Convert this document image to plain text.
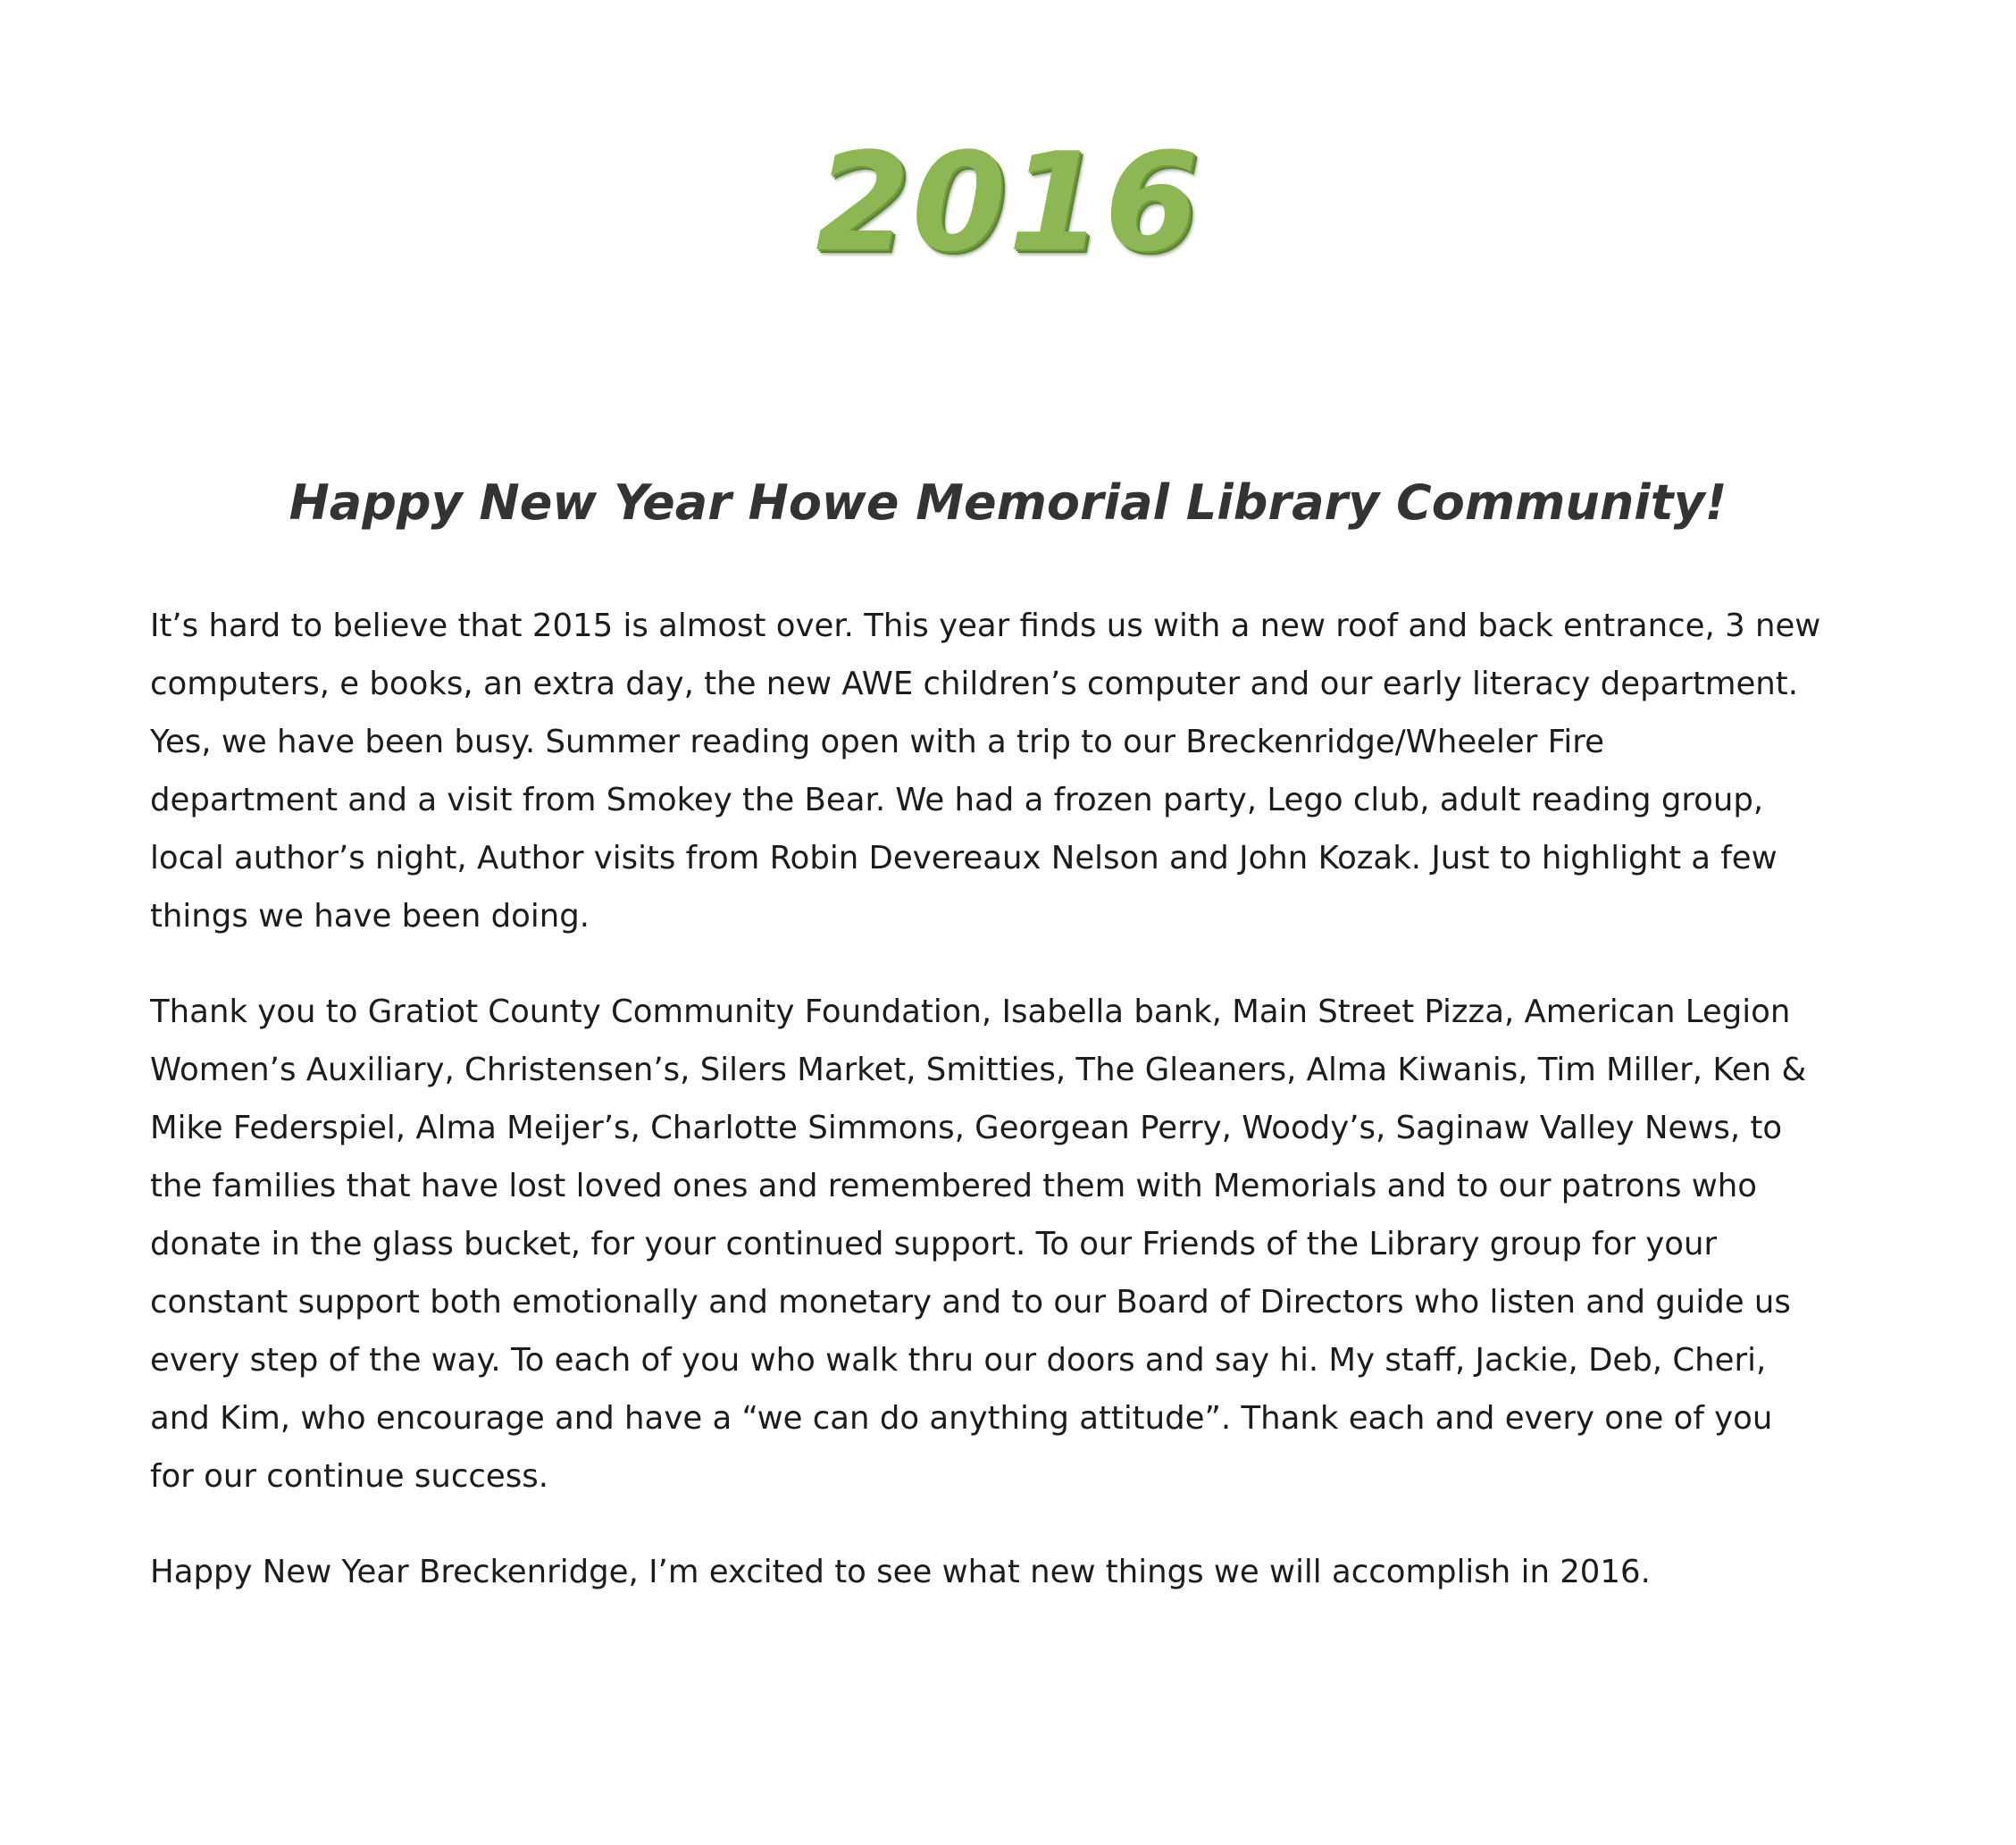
2016
Happy New Year Howe Memorial Library Community!
It’s hard to believe that 2015 is almost over. This year finds us with a new roof and back entrance, 3 new
computers, e books, an extra day, the new AWE children’s computer and our early literacy department.
Yes, we have been busy. Summer reading open with a trip to our Breckenridge/Wheeler Fire
department and a visit from Smokey the Bear. We had a frozen party, Lego club, adult reading group,
local author’s night, Author visits from Robin Devereaux Nelson and John Kozak. Just to highlight a few
things we have been doing.
Thank you to Gratiot County Community Foundation, Isabella bank, Main Street Pizza, American Legion
Women’s Auxiliary, Christensen’s, Silers Market, Smitties, The Gleaners, Alma Kiwanis, Tim Miller, Ken &
Mike Federspiel, Alma Meijer’s, Charlotte Simmons, Georgean Perry, Woody’s, Saginaw Valley News, to
the families that have lost loved ones and remembered them with Memorials and to our patrons who
donate in the glass bucket, for your continued support. To our Friends of the Library group for your
constant support both emotionally and monetary and to our Board of Directors who listen and guide us
every step of the way. To each of you who walk thru our doors and say hi. My staff, Jackie, Deb, Cheri,
and Kim, who encourage and have a “we can do anything attitude”. Thank each and every one of you
for our continue success.
Happy New Year Breckenridge, I’m excited to see what new things we will accomplish in 2016.
